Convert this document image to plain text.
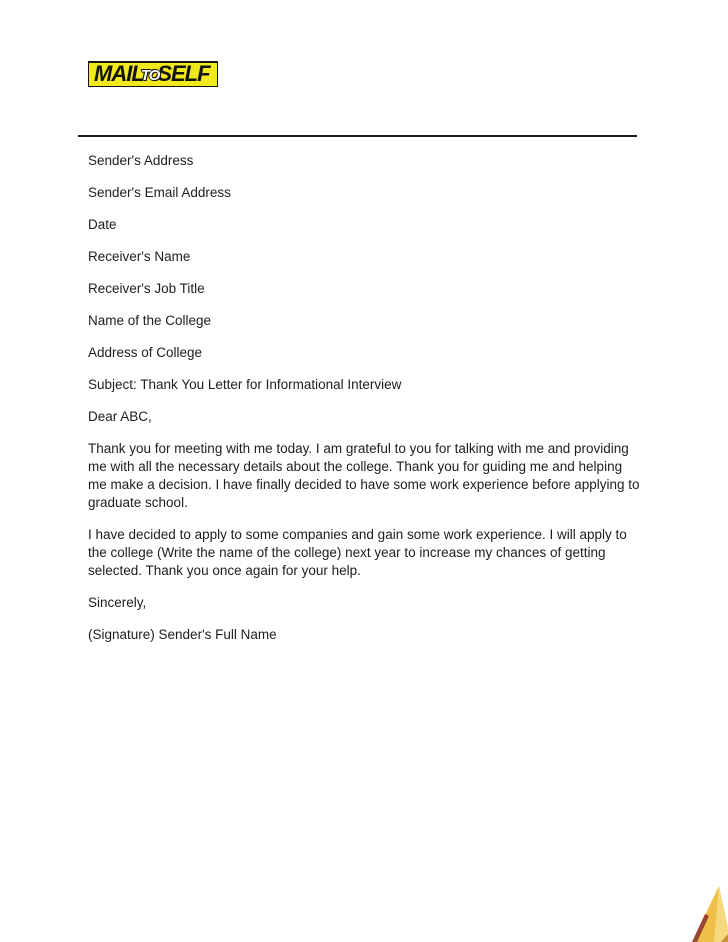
MAIL
TO
SELF

Sender's Address

Sender's Email Address

Date

Receiver's Name

Receiver's Job Title

Name of the College

Address of College

Subject: Thank You Letter for Informational Interview

Dear ABC,

Thank you for meeting with me today. I am grateful to you for talking with me and providing me with all the necessary details about the college. Thank you for guiding me and helping me make a decision. I have finally decided to have some work experience before applying to graduate school.

I have decided to apply to some companies and gain some work experience. I will apply to the college (Write the name of the college) next year to increase my chances of getting selected. Thank you once again for your help.

Sincerely,

(Signature) Sender's Full Name
